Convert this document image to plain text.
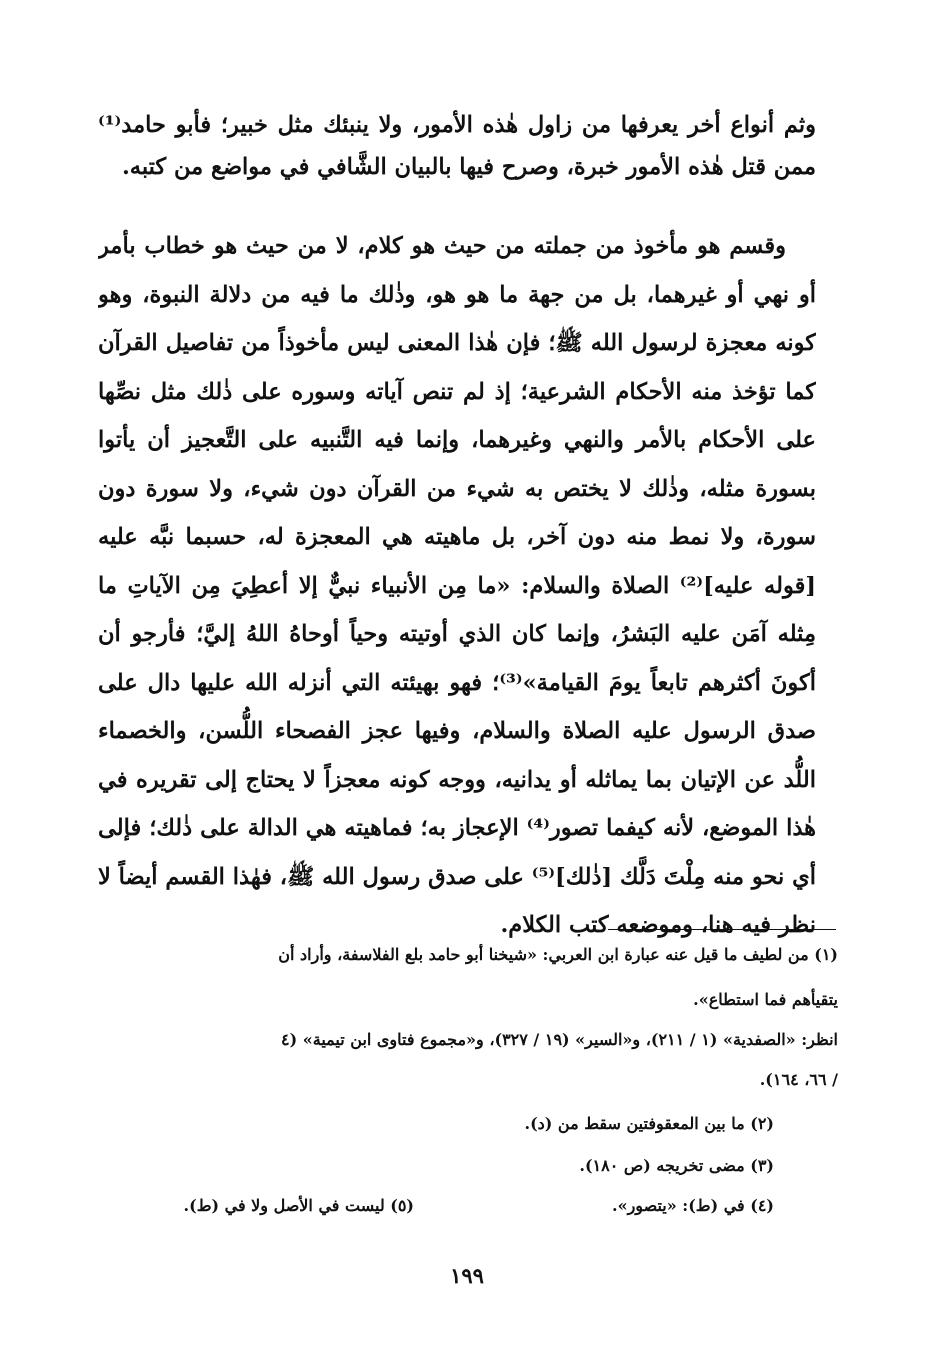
وثم أنواع أخر يعرفها من زاول هٰذه الأمور، ولا ينبئك مثل خبير؛ فأبو حامد⁽¹⁾ ممن قتل هٰذه الأمور خبرة، وصرح فيها بالبيان الشَّافي في مواضع من كتبه.

وقسم هو مأخوذ من جملته من حيث هو كلام، لا من حيث هو خطاب بأمر أو نهي أو غيرهما، بل من جهة ما هو هو، وذٰلك ما فيه من دلالة النبوة، وهو كونه معجزة لرسول الله ﷺ؛ فإن هٰذا المعنى ليس مأخوذاً من تفاصيل القرآن كما تؤخذ منه الأحكام الشرعية؛ إذ لم تنص آياته وسوره على ذٰلك مثل نصِّها على الأحكام بالأمر والنهي وغيرهما، وإنما فيه التَّنبيه على التَّعجيز أن يأتوا بسورة مثله، وذٰلك لا يختص به شيء من القرآن دون شيء، ولا سورة دون سورة، ولا نمط منه دون آخر، بل ماهيته هي المعجزة له، حسبما نبَّه عليه [قوله عليه]⁽²⁾ الصلاة والسلام: «ما مِن الأنبياء نبيٌّ إلا أعطِيَ مِن الآياتِ ما مِثله آمَن عليه البَشرُ، وإنما كان الذي أوتيته وحياً أوحاهُ اللهُ إليَّ؛ فأرجو أن أكونَ أكثرهم تابعاً يومَ القيامة»⁽³⁾؛ فهو بهيئته التي أنزله الله عليها دال على صدق الرسول عليه الصلاة والسلام، وفيها عجز الفصحاء اللُّسن، والخصماء اللُّد عن الإتيان بما يماثله أو يدانيه، ووجه كونه معجزاً لا يحتاج إلى تقريره في هٰذا الموضع، لأنه كيفما تصور⁽⁴⁾ الإعجاز به؛ فماهيته هي الدالة على ذٰلك؛ فإلى أي نحو منه مِلْتَ دَلَّك [ذٰلك]⁽⁵⁾ على صدق رسول الله ﷺ، فهٰذا القسم أيضاً لا نظر فيه هنا، وموضعه كتب الكلام.

(١) من لطيف ما قيل عنه عبارة ابن العربي: «شيخنا أبو حامد بلع الفلاسفة، وأراد أن

يتقيأهم فما استطاع».

انظر: «الصفدية» (١ / ٢١١)، و«السير» (١٩ / ٣٢٧)، و«مجموع فتاوى ابن تيمية» (٤

/ ٦٦، ١٦٤).

(٢) ما بين المعقوفتين سقط من (د).

(٣) مضى تخريجه (ص ١٨٠).

(٤) في (ط): «يتصور».

(٥) ليست في الأصل ولا في (ط).

١٩٩
